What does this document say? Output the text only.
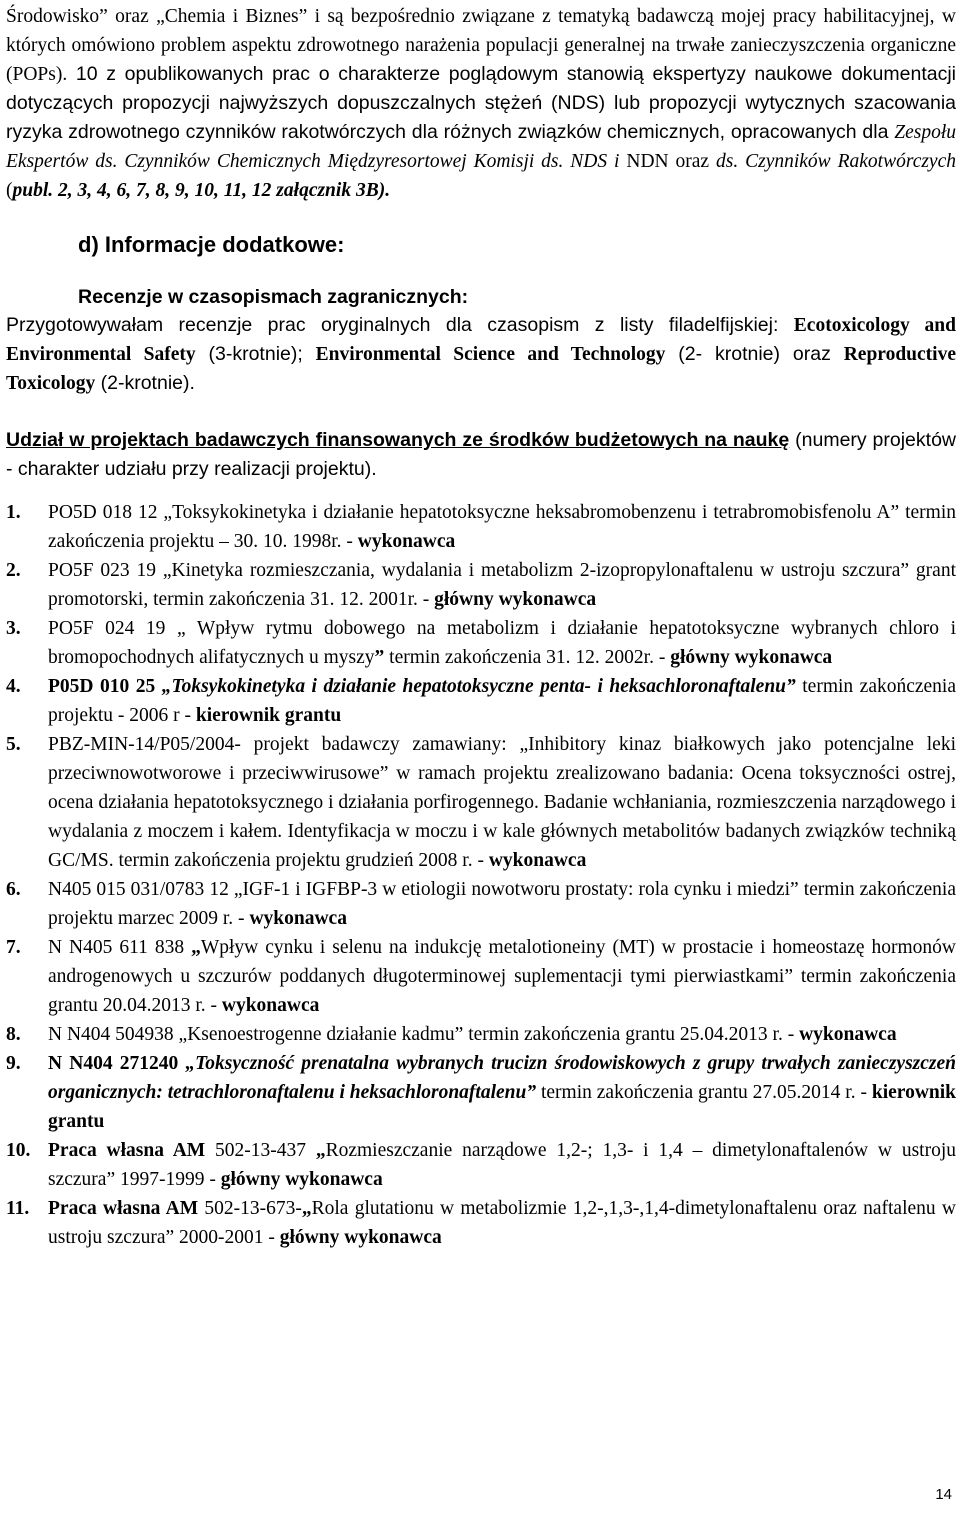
Środowisko” oraz „Chemia i Biznes” i są bezpośrednio związane z tematyką badawczą mojej pracy habilitacyjnej, w których omówiono problem aspektu zdrowotnego narażenia populacji generalnej na trwałe zanieczyszczenia organiczne (POPs). 10 z opublikowanych prac o charakterze poglądowym stanowią ekspertyzy naukowe dokumentacji dotyczących propozycji najwyższych dopuszczalnych stężeń (NDS) lub propozycji wytycznych szacowania ryzyka zdrowotnego czynników rakotwórczych dla różnych związków chemicznych, opracowanych dla Zespołu Ekspertów ds. Czynników Chemicznych Międzyresortowej Komisji ds. NDS i NDN oraz ds. Czynników Rakotwórczych (publ. 2, 3, 4, 6, 7, 8, 9, 10, 11, 12 załącznik 3B).

d) Informacje dodatkowe:
Recenzje w czasopismach zagranicznych:

Przygotowywałam recenzje prac oryginalnych dla czasopism z listy filadelfijskiej: Ecotoxicology and Environmental Safety (3-krotnie); Environmental Science and Technology (2- krotnie) oraz Reproductive Toxicology (2-krotnie).

Udział w projektach badawczych finansowanych ze środków budżetowych na naukę (numery projektów - charakter udziału przy realizacji projektu).

1.	PO5D 018 12 „Toksykokinetyka i działanie hepatotoksyczne heksabromobenzenu i tetrabromobisfenolu A” termin zakończenia projektu – 30. 10. 1998r. - wykonawca
2.	PO5F 023 19 „Kinetyka rozmieszczania, wydalania i metabolizm 2-izopropylonaftalenu w ustroju szczura” grant promotorski, termin zakończenia 31. 12. 2001r. - główny wykonawca
3.	PO5F 024 19 „ Wpływ rytmu dobowego na metabolizm i działanie hepatotoksyczne wybranych chloro i bromopochodnych alifatycznych u myszy” termin zakończenia 31. 12. 2002r. - główny wykonawca
4.	P05D 010 25 „Toksykokinetyka i działanie hepatotoksyczne penta- i heksachloronaftalenu” termin zakończenia projektu - 2006 r - kierownik grantu
5.	PBZ-MIN-14/P05/2004- projekt badawczy zamawiany: „Inhibitory kinaz białkowych jako potencjalne leki przeciwnowotworowe i przeciwwirusowe” w ramach projektu zrealizowano badania: Ocena toksyczności ostrej, ocena działania hepatotoksycznego i działania porfirogennego. Badanie wchłaniania, rozmieszczenia narządowego i wydalania z moczem i kałem. Identyfikacja w moczu i w kale głównych metabolitów badanych związków techniką GC/MS. termin zakończenia projektu grudzień 2008 r. - wykonawca
6.	N405 015 031/0783 12 „IGF-1 i IGFBP-3 w etiologii nowotworu prostaty: rola cynku i miedzi” termin zakończenia projektu marzec 2009 r. - wykonawca
7.	N N405 611 838 „Wpływ cynku i selenu na indukcję metalotioneiny (MT) w prostacie i homeostazę hormonów androgenowych u szczurów poddanych długoterminowej suplementacji tymi pierwiastkami” termin zakończenia grantu 20.04.2013 r. - wykonawca
8.	N N404 504938 „Ksenoestrogenne działanie kadmu” termin zakończenia grantu 25.04.2013 r. - wykonawca
9.	N N404 271240 „Toksyczność prenatalna wybranych trucizn środowiskowych z grupy trwałych zanieczyszczeń organicznych: tetrachloronaftalenu i heksachloronaftalenu” termin zakończenia grantu 27.05.2014 r. - kierownik grantu
10. Praca własna AM 502-13-437 „Rozmieszczanie narządowe 1,2-; 1,3- i 1,4 – dimetylonaftalenów w ustroju szczura” 1997-1999 - główny wykonawca
11. Praca własna AM 502-13-673-„Rola glutationu w metabolizmie 1,2-,1,3-,1,4-dimetylonaftalenu oraz naftalenu w ustroju szczura” 2000-2001 - główny wykonawca
14
